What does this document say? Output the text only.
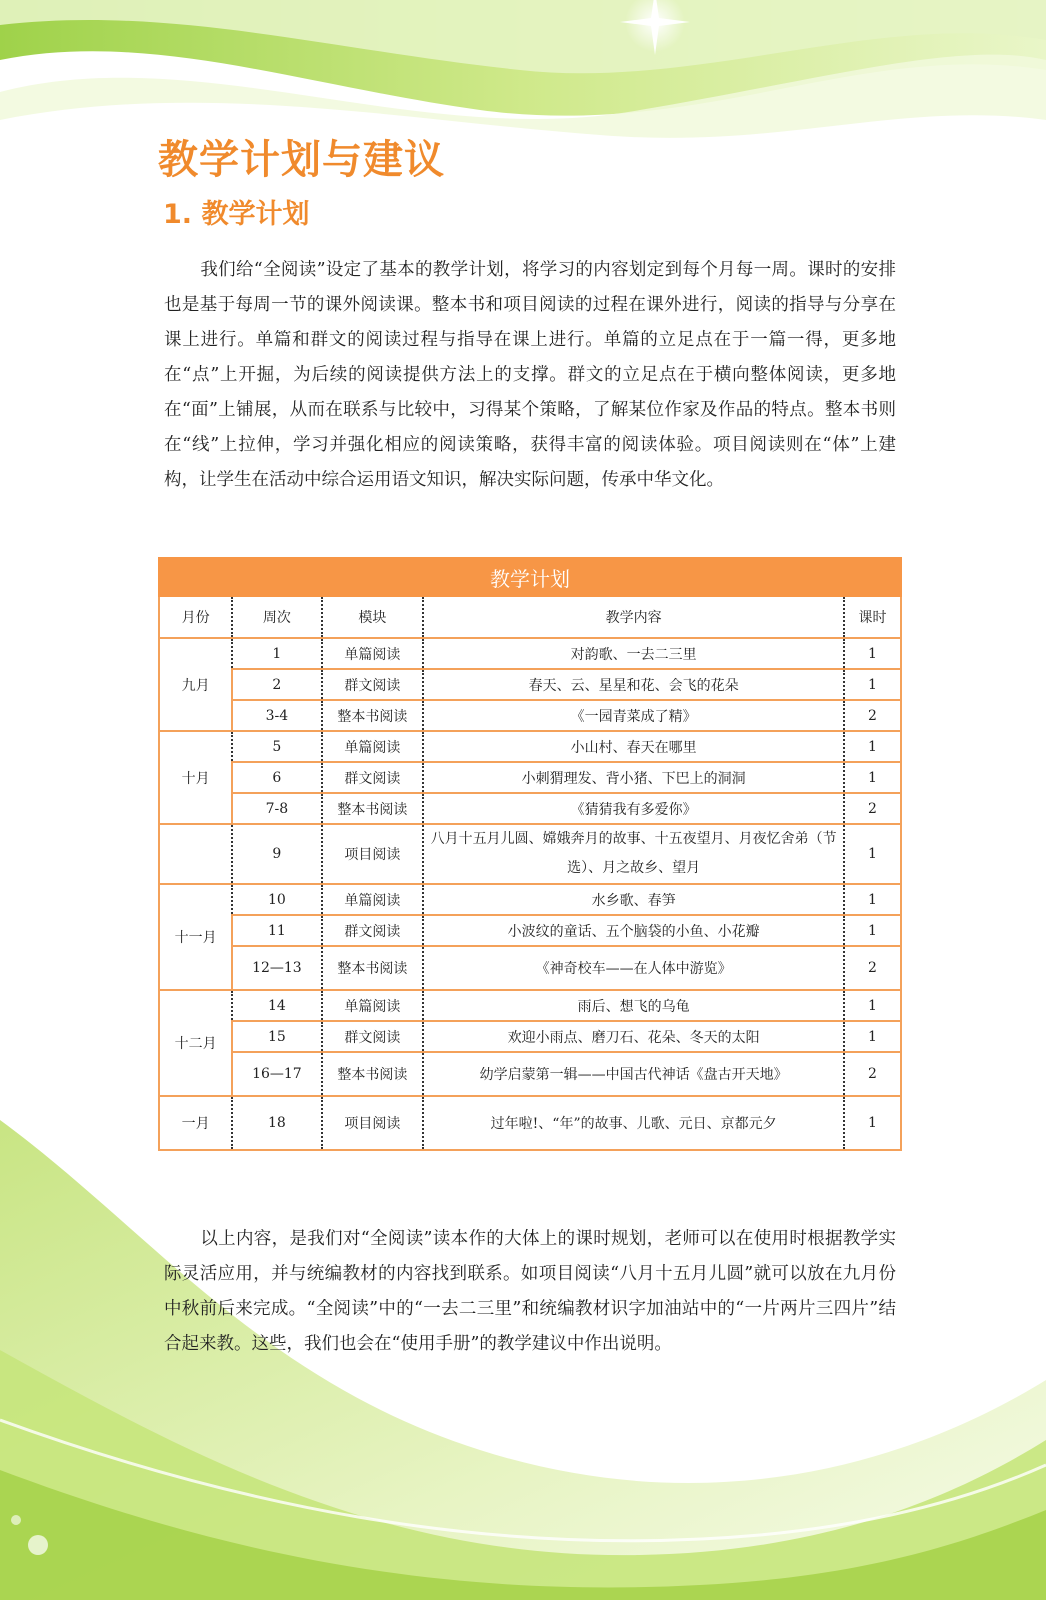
教学计划与建议
1. 教学计划

我们给“全阅读”设定了基本的教学计划，将学习的内容划定到每个月每一周。课时的安排也是基于每周一节的课外阅读课。整本书和项目阅读的过程在课外进行，阅读的指导与分享在课上进行。单篇和群文的阅读过程与指导在课上进行。单篇的立足点在于一篇一得，更多地在“点”上开掘，为后续的阅读提供方法上的支撑。群文的立足点在于横向整体阅读，更多地在“面”上铺展，从而在联系与比较中，习得某个策略，了解某位作家及作品的特点。整本书则在“线”上拉伸，学习并强化相应的阅读策略，获得丰富的阅读体验。项目阅读则在“体”上建构，让学生在活动中综合运用语文知识，解决实际问题，传承中华文化。

教学计划				
月份	周次	模块	教学内容	课时
九月	1	单篇阅读	对韵歌、一去二三里	1
	2	群文阅读	春天、云、星星和花、会飞的花朵	1
	3-4	整本书阅读	《一园青菜成了精》	2
十月	5	单篇阅读	小山村、春天在哪里	1
	6	群文阅读	小刺猬理发、背小猪、下巴上的洞洞	1
	7-8	整本书阅读	《猜猜我有多爱你》	2
	9	项目阅读	八月十五月儿圆、嫦娥奔月的故事、十五夜望月、月夜忆舍弟（节选）、月之故乡、望月	1
十一月	10	单篇阅读	水乡歌、春笋	1
	11	群文阅读	小波纹的童话、五个脑袋的小鱼、小花瓣	1
	12—13	整本书阅读	《神奇校车——在人体中游览》	2
十二月	14	单篇阅读	雨后、想飞的乌龟	1
	15	群文阅读	欢迎小雨点、磨刀石、花朵、冬天的太阳	1
	16—17	整本书阅读	幼学启蒙第一辑——中国古代神话《盘古开天地》	2
一月	18	项目阅读	过年啦!、“年”的故事、儿歌、元日、京都元夕	1

以上内容，是我们对“全阅读”读本作的大体上的课时规划，老师可以在使用时根据教学实际灵活应用，并与统编教材的内容找到联系。如项目阅读“八月十五月儿圆”就可以放在九月份中秋前后来完成。“全阅读”中的“一去二三里”和统编教材识字加油站中的“一片两片三四片”结合起来教。这些，我们也会在“使用手册”的教学建议中作出说明。
